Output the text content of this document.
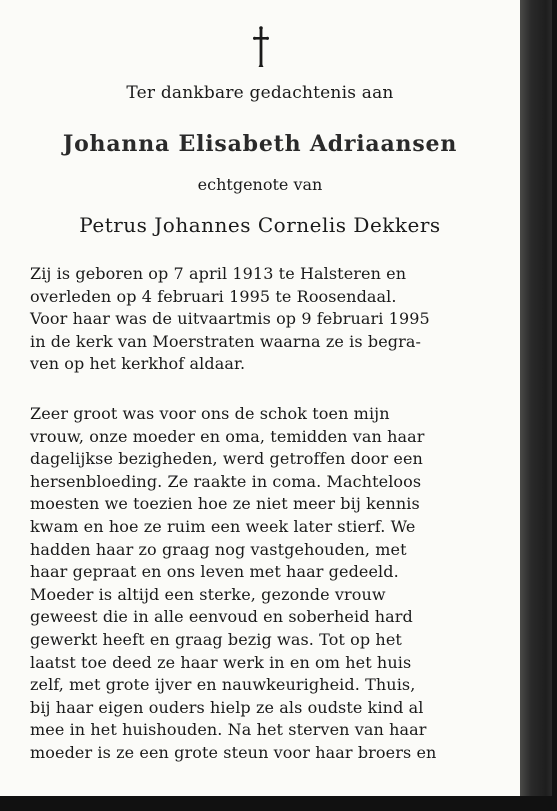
Ter dankbare gedachtenis aan
Johanna Elisabeth Adriaansen
echtgenote van
Petrus Johannes Cornelis Dekkers
Zij is geboren op 7 april 1913 te Halsteren en
overleden op 4 februari 1995 te Roosendaal.
Voor haar was de uitvaartmis op 9 februari 1995
in de kerk van Moerstraten waarna ze is begra-
ven op het kerkhof aldaar.
Zeer groot was voor ons de schok toen mijn
vrouw, onze moeder en oma, temidden van haar
dagelijkse bezigheden, werd getroffen door een
hersenbloeding. Ze raakte in coma. Machteloos
moesten we toezien hoe ze niet meer bij kennis
kwam en hoe ze ruim een week later stierf. We
hadden haar zo graag nog vastgehouden, met
haar gepraat en ons leven met haar gedeeld.
Moeder is altijd een sterke, gezonde vrouw
geweest die in alle eenvoud en soberheid hard
gewerkt heeft en graag bezig was. Tot op het
laatst toe deed ze haar werk in en om het huis
zelf, met grote ijver en nauwkeurigheid. Thuis,
bij haar eigen ouders hielp ze als oudste kind al
mee in het huishouden. Na het sterven van haar
moeder is ze een grote steun voor haar broers en
